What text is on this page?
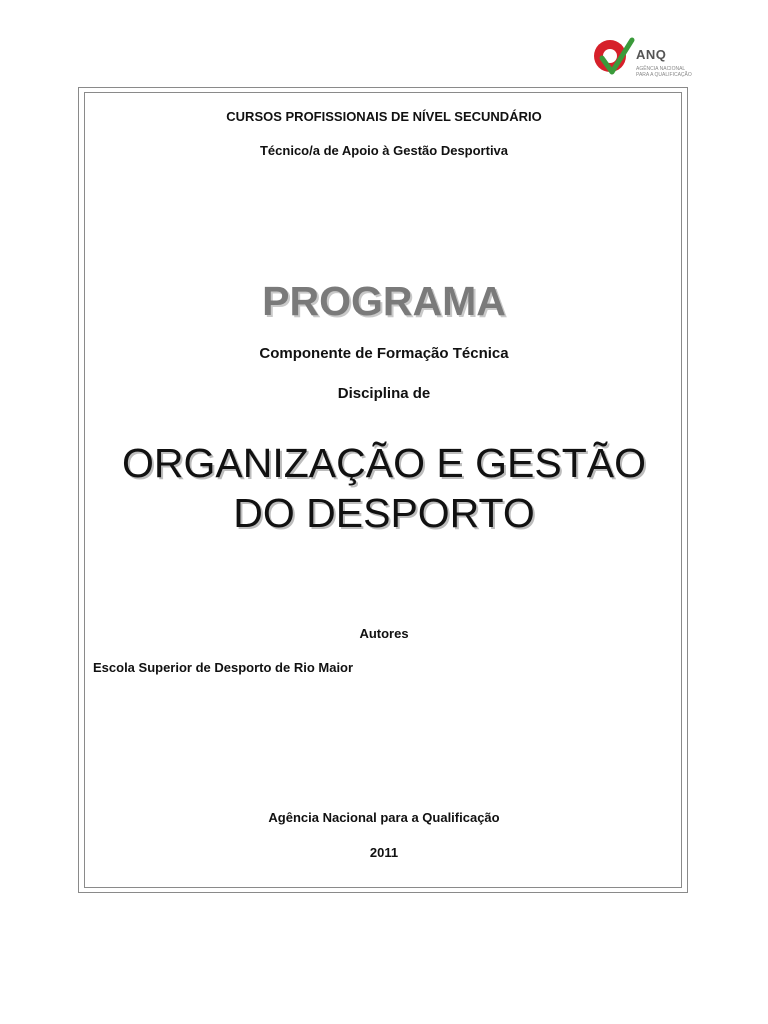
ANQ
AGÊNCIA NACIONAL PARA A QUALIFICAÇÃO

CURSOS PROFISSIONAIS DE NÍVEL SECUNDÁRIO

Técnico/a de Apoio à Gestão Desportiva

PROGRAMA

Componente de Formação Técnica

Disciplina de

ORGANIZAÇÃO E GESTÃO

DO DESPORTO

Autores

Escola Superior de Desporto de Rio Maior

Agência Nacional para a Qualificação

2011
